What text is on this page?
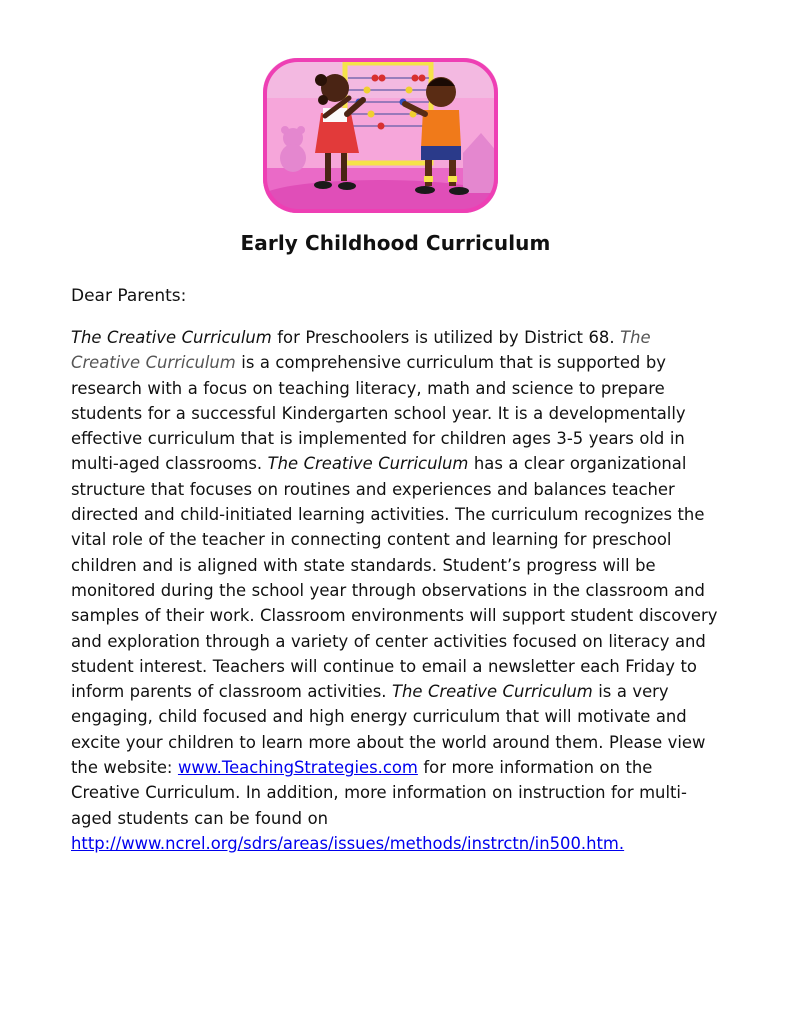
Early Childhood Curriculum
Dear Parents:
The Creative Curriculum for Preschoolers is utilized by District 68. The
Creative Curriculum is a comprehensive curriculum that is supported by
research with a focus on teaching literacy, math and science to prepare
students for a successful Kindergarten school year. It is a developmentally
effective curriculum that is implemented for children ages 3-5 years old in
multi-aged classrooms. The Creative Curriculum has a clear organizational
structure that focuses on routines and experiences and balances teacher
directed and child-initiated learning activities. The curriculum recognizes the
vital role of the teacher in connecting content and learning for preschool
children and is aligned with state standards. Student’s progress will be
monitored during the school year through observations in the classroom and
samples of their work. Classroom environments will support student discovery
and exploration through a variety of center activities focused on literacy and
student interest. Teachers will continue to email a newsletter each Friday to
inform parents of classroom activities. The Creative Curriculum is a very
engaging, child focused and high energy curriculum that will motivate and
excite your children to learn more about the world around them. Please view
the website: www.TeachingStrategies.com for more information on the
Creative Curriculum. In addition, more information on instruction for multi-
aged students can be found on
http://www.ncrel.org/sdrs/areas/issues/methods/instrctn/in500.htm.
